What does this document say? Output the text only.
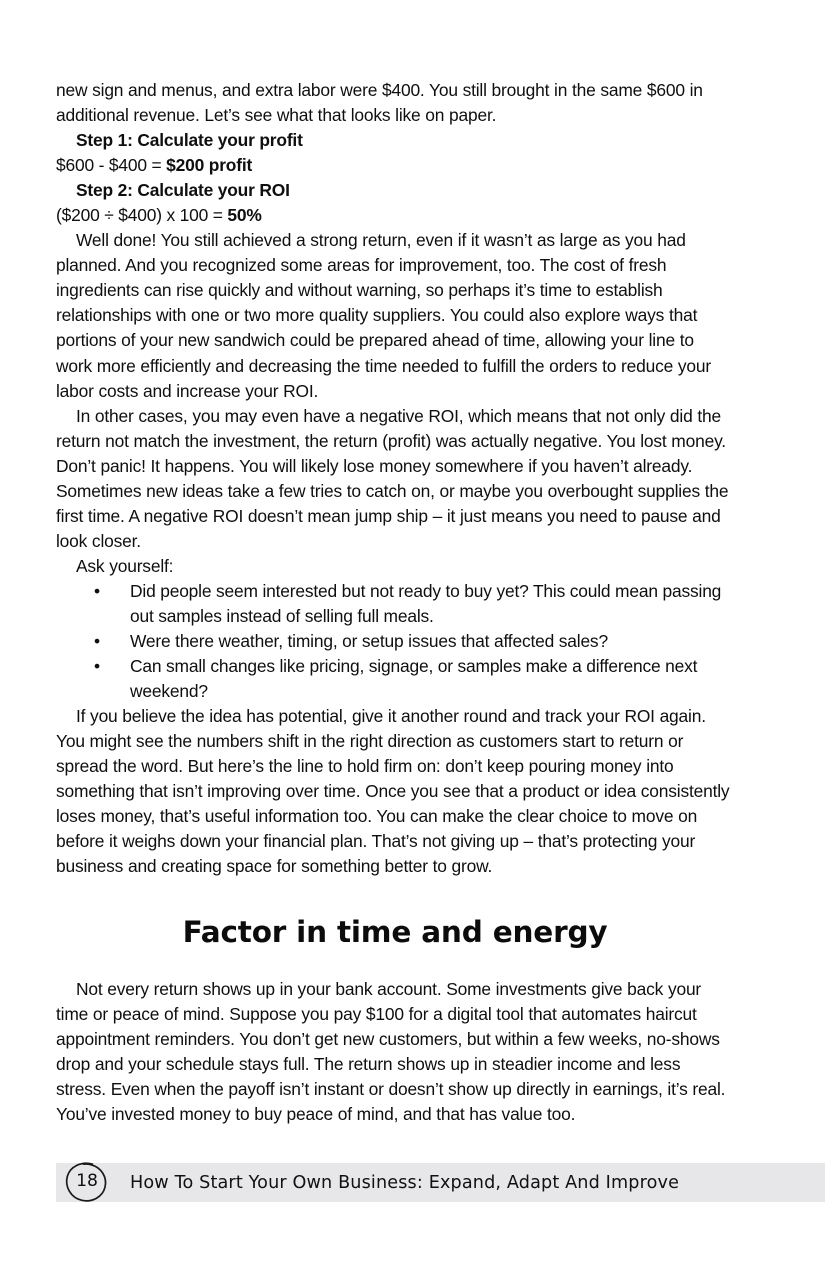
new sign and menus, and extra labor were $400. You still brought in the same $600 in additional revenue. Let’s see what that looks like on paper.

Step 1: Calculate your profit

$600 - $400 = $200 profit

Step 2: Calculate your ROI

($200 ÷ $400) x 100 = 50%

Well done! You still achieved a strong return, even if it wasn’t as large as you had planned. And you recognized some areas for improvement, too. The cost of fresh ingredients can rise quickly and without warning, so perhaps it’s time to establish relationships with one or two more quality suppliers. You could also explore ways that portions of your new sandwich could be prepared ahead of time, allowing your line to work more efficiently and decreasing the time needed to fulfill the orders to reduce your labor costs and increase your ROI.

In other cases, you may even have a negative ROI, which means that not only did the return not match the investment, the return (profit) was actually negative. You lost money. Don’t panic! It happens. You will likely lose money somewhere if you haven’t already. Sometimes new ideas take a few tries to catch on, or maybe you overbought supplies the first time. A negative ROI doesn’t mean jump ship – it just means you need to pause and look closer.

Ask yourself:

• Did people seem interested but not ready to buy yet? This could mean passing out samples instead of selling full meals.
• Were there weather, timing, or setup issues that affected sales?
• Can small changes like pricing, signage, or samples make a difference next weekend?

If you believe the idea has potential, give it another round and track your ROI again. You might see the numbers shift in the right direction as customers start to return or spread the word. But here’s the line to hold firm on: don’t keep pouring money into something that isn’t improving over time. Once you see that a product or idea consistently loses money, that’s useful information too. You can make the clear choice to move on before it weighs down your financial plan. That’s not giving up – that’s protecting your business and creating space for something better to grow.

Factor in time and energy

Not every return shows up in your bank account. Some investments give back your time or peace of mind. Suppose you pay $100 for a digital tool that automates haircut appointment reminders. You don’t get new customers, but within a few weeks, no-shows drop and your schedule stays full. The return shows up in steadier income and less stress. Even when the payoff isn’t instant or doesn’t show up directly in earnings, it’s real. You’ve invested money to buy peace of mind, and that has value too.

18	How To Start Your Own Business: Expand, Adapt And Improve
